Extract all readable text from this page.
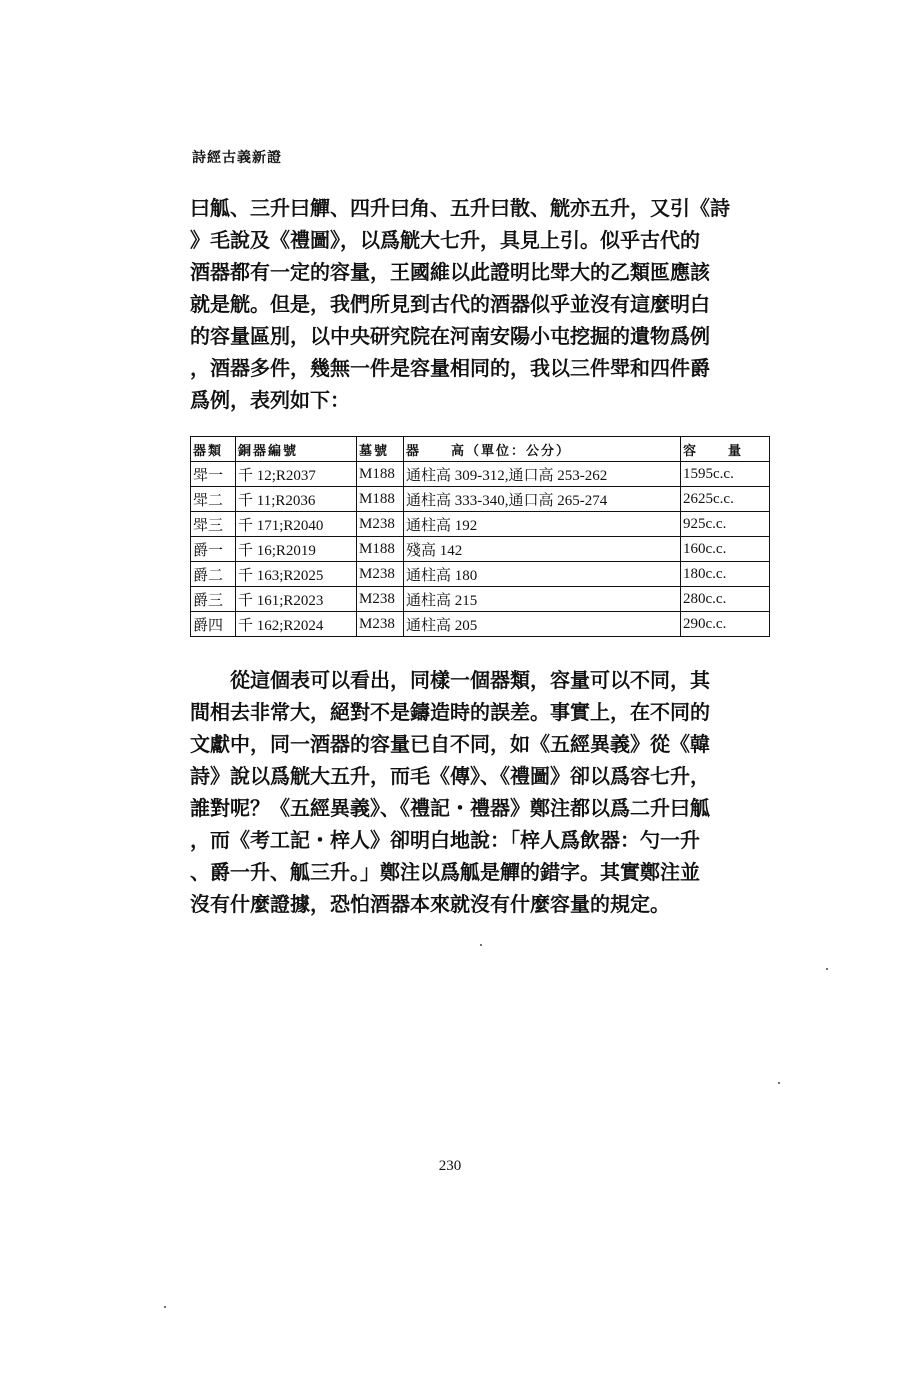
詩經古義新證
曰觚、三升曰觶、四升曰角、五升曰散、觥亦五升，又引《詩
》毛說及《禮圖》，以爲觥大七升，具見上引。似乎古代的
酒器都有一定的容量，王國維以此證明比斝大的乙類匜應該
就是觥。但是，我們所見到古代的酒器似乎並沒有這麼明白
的容量區別，以中央研究院在河南安陽小屯挖掘的遺物爲例
，酒器多件，幾無一件是容量相同的，我以三件斝和四件爵
爲例，表列如下：
器類	銅器編號	墓號	器　　高（單位：公分）	容　　量
斝一	千 12;R2037	M188	通柱高 309-312,通口高 253-262	1595c.c.
斝二	千 11;R2036	M188	通柱高 333-340,通口高 265-274	2625c.c.
斝三	千 171;R2040	M238	通柱高 192	925c.c.
爵一	千 16;R2019	M188	殘高 142	160c.c.
爵二	千 163;R2025	M238	通柱高 180	180c.c.
爵三	千 161;R2023	M238	通柱高 215	280c.c.
爵四	千 162;R2024	M238	通柱高 205	290c.c.
　　從這個表可以看出，同樣一個器類，容量可以不同，其
間相去非常大，絕對不是鑄造時的誤差。事實上，在不同的
文獻中，同一酒器的容量已自不同，如《五經異義》從《韓
詩》說以爲觥大五升，而毛《傳》、《禮圖》卻以爲容七升，
誰對呢？《五經異義》、《禮記・禮器》鄭注都以爲二升曰觚
，而《考工記・梓人》卻明白地說：「梓人爲飲器：勺一升
、爵一升、觚三升。」鄭注以爲觚是觶的錯字。其實鄭注並
沒有什麼證據，恐怕酒器本來就沒有什麼容量的規定。
230
